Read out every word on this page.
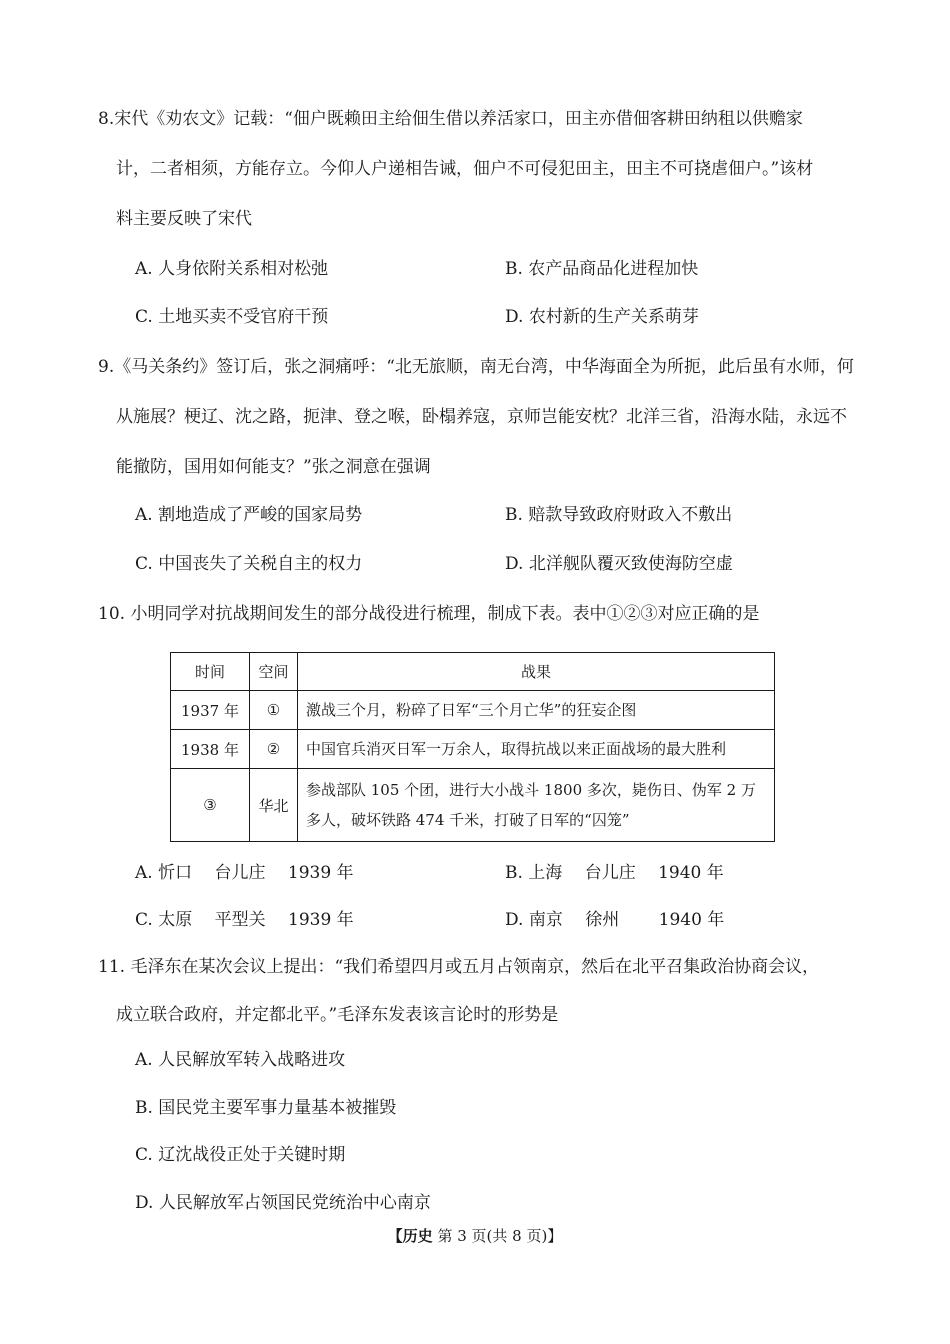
8.宋代《劝农文》记载：“佃户既赖田主给佃生借以养活家口，田主亦借佃客耕田纳租以供赡家
计，二者相须，方能存立。今仰人户递相告诫，佃户不可侵犯田主，田主不可挠虐佃户。”该材
料主要反映了宋代
A. 人身依附关系相对松弛	B. 农产品商品化进程加快
C. 土地买卖不受官府干预	D. 农村新的生产关系萌芽
9.《马关条约》签订后，张之洞痛呼：“北无旅顺，南无台湾，中华海面全为所扼，此后虽有水师，何
从施展？梗辽、沈之路，扼津、登之喉，卧榻养寇，京师岂能安枕？北洋三省，沿海水陆，永远不
能撤防，国用如何能支？”张之洞意在强调
A. 割地造成了严峻的国家局势	B. 赔款导致政府财政入不敷出
C. 中国丧失了关税自主的权力	D. 北洋舰队覆灭致使海防空虚
10. 小明同学对抗战期间发生的部分战役进行梳理，制成下表。表中①②③对应正确的是
时间	空间	战果
1937 年	①	激战三个月，粉碎了日军“三个月亡华”的狂妄企图
1938 年	②	中国官兵消灭日军一万余人，取得抗战以来正面战场的最大胜利
③	华北	参战部队 105 个团，进行大小战斗 1800 多次，毙伤日、伪军 2 万多人，破坏铁路 474 千米，打破了日军的“囚笼”
A. 忻口　 台儿庄　 1939 年	B. 上海　 台儿庄　 1940 年
C. 太原　 平型关　 1939 年	D. 南京　 徐州　　 1940 年
11. 毛泽东在某次会议上提出：“我们希望四月或五月占领南京，然后在北平召集政治协商会议，
成立联合政府，并定都北平。”毛泽东发表该言论时的形势是
A. 人民解放军转入战略进攻
B. 国民党主要军事力量基本被摧毁
C. 辽沈战役正处于关键时期
D. 人民解放军占领国民党统治中心南京
【历史 第 3 页(共 8 页)】
